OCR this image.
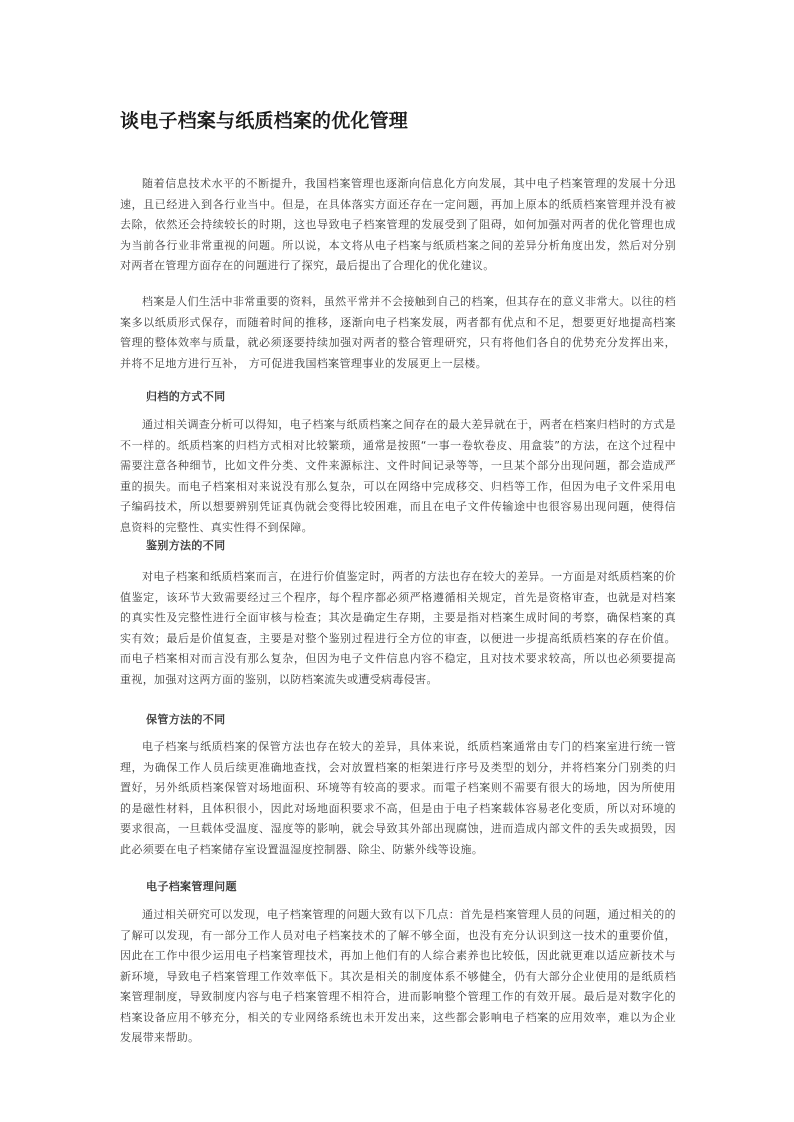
谈电子档案与纸质档案的优化管理

随着信息技术水平的不断提升，我国档案管理也逐渐向信息化方向发展，其中电子档案管理的发展十分迅速，且已经进入到各行业当中。但是，在具体落实方面还存在一定问题，再加上原本的纸质档案管理并没有被去除，依然还会持续较长的时期，这也导致电子档案管理的发展受到了阻碍，如何加强对两者的优化管理也成为当前各行业非常重视的问题。所以说，本文将从电子档案与纸质档案之间的差异分析角度出发，然后对分别对两者在管理方面存在的问题进行了探究，最后提出了合理化的优化建议。

档案是人们生活中非常重要的资料，虽然平常并不会接触到自己的档案，但其存在的意义非常大。以往的档案多以纸质形式保存，而随着时间的推移，逐渐向电子档案发展，两者都有优点和不足，想要更好地提高档案管理的整体效率与质量，就必须逐要持续加强对两者的整合管理研究，只有将他们各自的优势充分发挥出来，并将不足地方进行互补， 方可促进我国档案管理事业的发展更上一层楼。

归档的方式不同

通过相关调查分析可以得知，电子档案与纸质档案之间存在的最大差异就在于，两者在档案归档时的方式是不一样的。纸质档案的归档方式相对比较繁琐，通常是按照“一事一卷软卷皮、用盒装”的方法，在这个过程中需要注意各种细节，比如文件分类、文件来源标注、文件时间记录等等，一旦某个部分出现问题，都会造成严重的损失。而电子档案相对来说没有那么复杂，可以在网络中完成移交、归档等工作，但因为电子文件采用电子编码技术，所以想要辨别凭证真伪就会变得比较困难，而且在电子文件传输途中也很容易出现问题，使得信息资料的完整性、真实性得不到保障。

鉴别方法的不同

对电子档案和纸质档案而言，在进行价值鉴定时，两者的方法也存在较大的差异。一方面是对纸质档案的价值鉴定，该环节大致需要经过三个程序，每个程序都必须严格遵循相关规定，首先是资格审查，也就是对档案的真实性及完整性进行全面审核与检查；其次是确定生存期，主要是指对档案生成时间的考察，确保档案的真实有效；最后是价值复查，主要是对整个鉴别过程进行全方位的审查，以便进一步提高纸质档案的存在价值。而电子档案相对而言没有那么复杂，但因为电子文件信息内容不稳定，且对技术要求较高，所以也必须要提高重视，加强对这两方面的鉴别，以防档案流失或遭受病毒侵害。

保管方法的不同

电子档案与纸质档案的保管方法也存在较大的差异，具体来说，纸质档案通常由专门的档案室进行统一管理，为确保工作人员后续更准确地查找，会对放置档案的柜架进行序号及类型的划分，并将档案分门别类的归置好，另外纸质档案保管对场地面积、环境等有较高的要求。而電子档案则不需要有很大的场地，因为所使用的是磁性材料，且体积很小，因此对场地面积要求不高，但是由于电子档案载体容易老化变质，所以对环境的要求很高，一旦载体受温度、湿度等的影响，就会导致其外部出现腐蚀，进而造成内部文件的丢失或损毁，因此必须要在电子档案储存室设置温湿度控制器、除尘、防紫外线等设施。

电子档案管理问题

通过相关研究可以发现，电子档案管理的问题大致有以下几点：首先是档案管理人员的问题，通过相关的的了解可以发现，有一部分工作人员对电子档案技术的了解不够全面，也没有充分认识到这一技术的重要价值，因此在工作中很少运用电子档案管理技术，再加上他们有的人综合素养也比较低，因此就更难以适应新技术与新环境，导致电子档案管理工作效率低下。其次是相关的制度体系不够健全，仍有大部分企业使用的是纸质档案管理制度，导致制度内容与电子档案管理不相符合，进而影响整个管理工作的有效开展。最后是对数字化的档案设备应用不够充分，相关的专业网络系统也未开发出来，这些都会影响电子档案的应用效率，难以为企业发展带来帮助。
